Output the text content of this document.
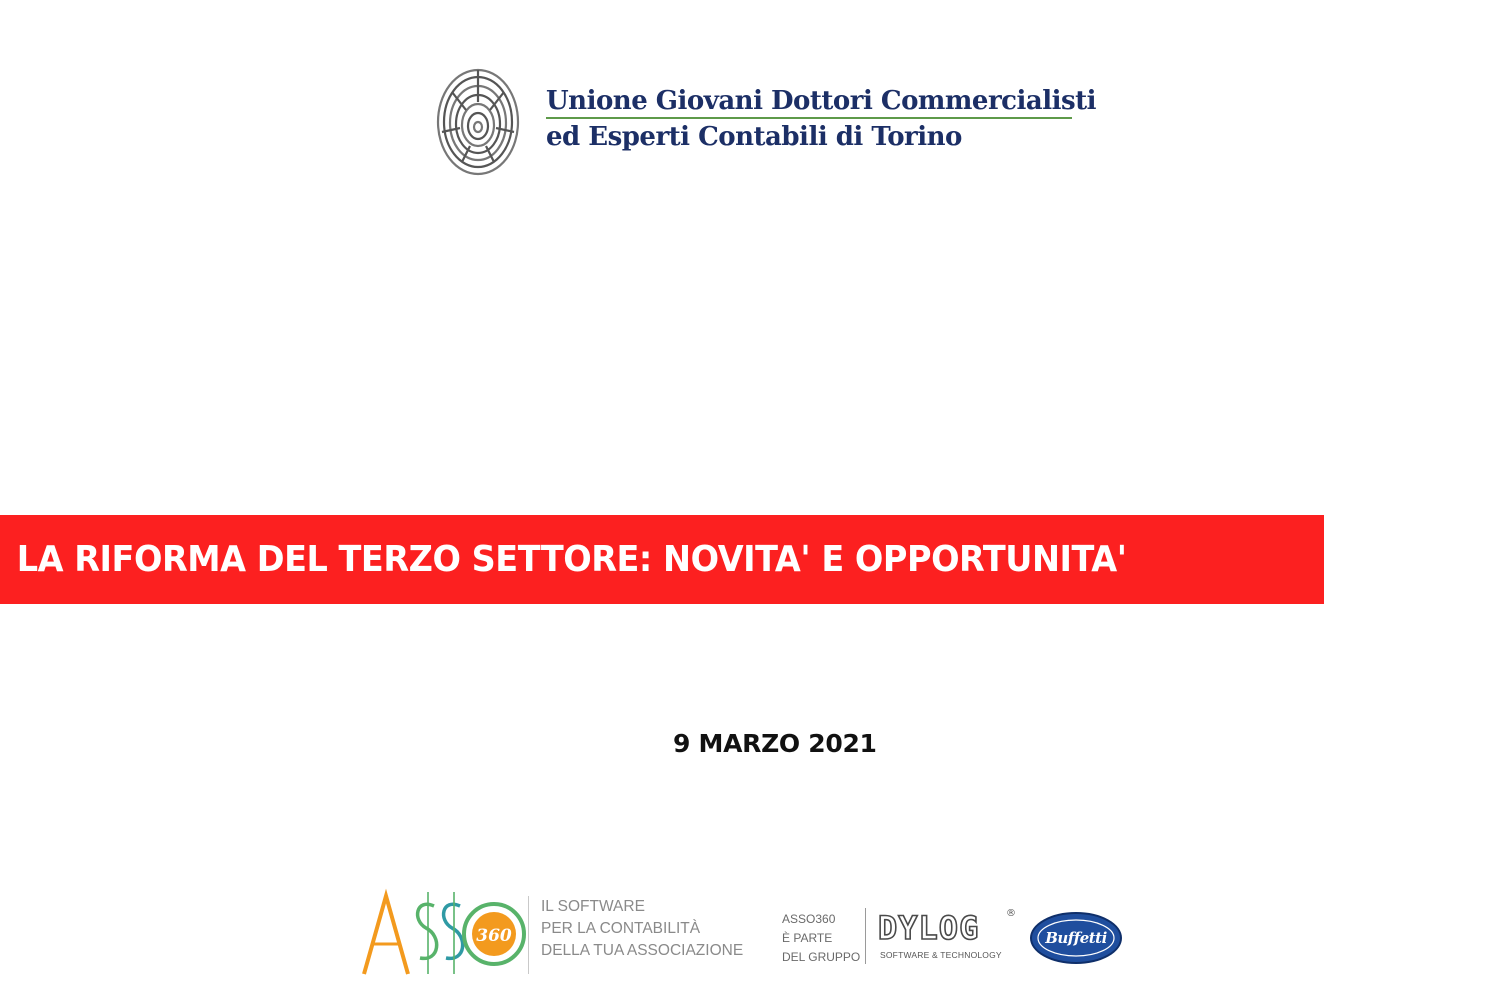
Unione Giovani Dottori Commercialisti
ed Esperti Contabili di Torino
LA RIFORMA DEL TERZO SETTORE: NOVITA' E OPPORTUNITA'
9 MARZO 2021
360
IL SOFTWARE
PER LA CONTABILITÀ
DELLA TUA ASSOCIAZIONE
ASSO360
È PARTE
DEL GRUPPO
DYLOG	®
SOFTWARE & TECHNOLOGY
Buffetti
